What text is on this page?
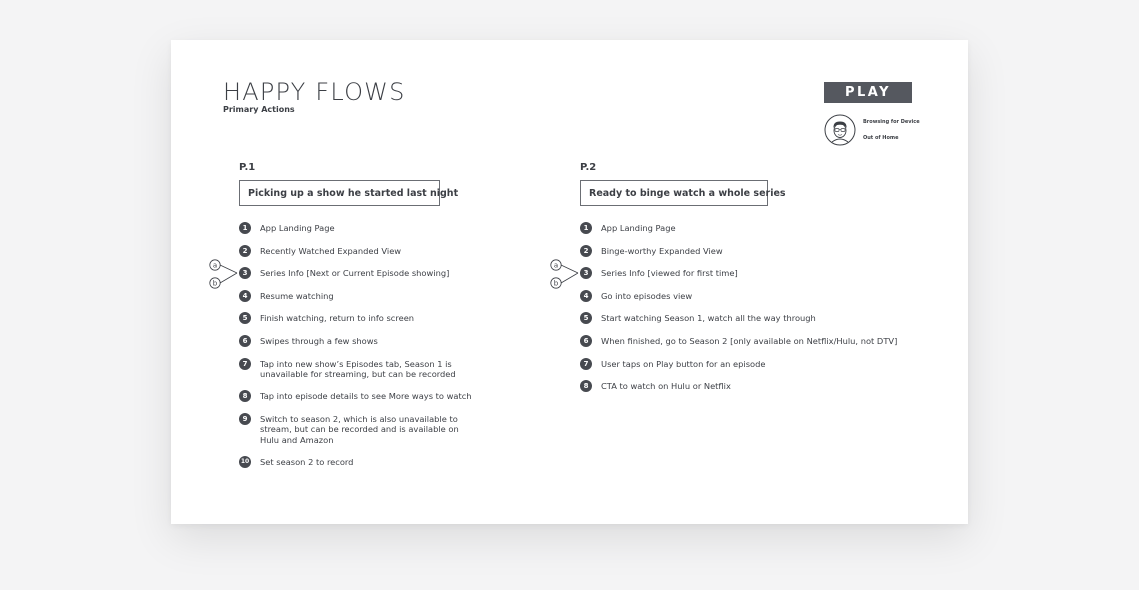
HAPPY FLOWS
Primary Actions
PLAY
Browsing for Device
Out of Home
P.1
Picking up a show he started last night
1	App Landing Page
2	Recently Watched Expanded View
a
b
3	Series Info [Next or Current Episode showing]
4	Resume watching
5	Finish watching, return to info screen
6	Swipes through a few shows
7	Tap into new show’s Episodes tab, Season 1 is unavailable for streaming, but can be recorded
8	Tap into episode details to see More ways to watch
9	Switch to season 2, which is also unavailable to stream, but can be recorded and is available on Hulu and Amazon
10 Set season 2 to record
P.2
Ready to binge watch a whole series
1	App Landing Page
2	Binge-worthy Expanded View
a
b
3	Series Info [viewed for first time]
4	Go into episodes view
5	Start watching Season 1, watch all the way through
6	When finished, go to Season 2 [only available on Netflix/Hulu, not DTV]
7	User taps on Play button for an episode
8	CTA to watch on Hulu or Netflix
